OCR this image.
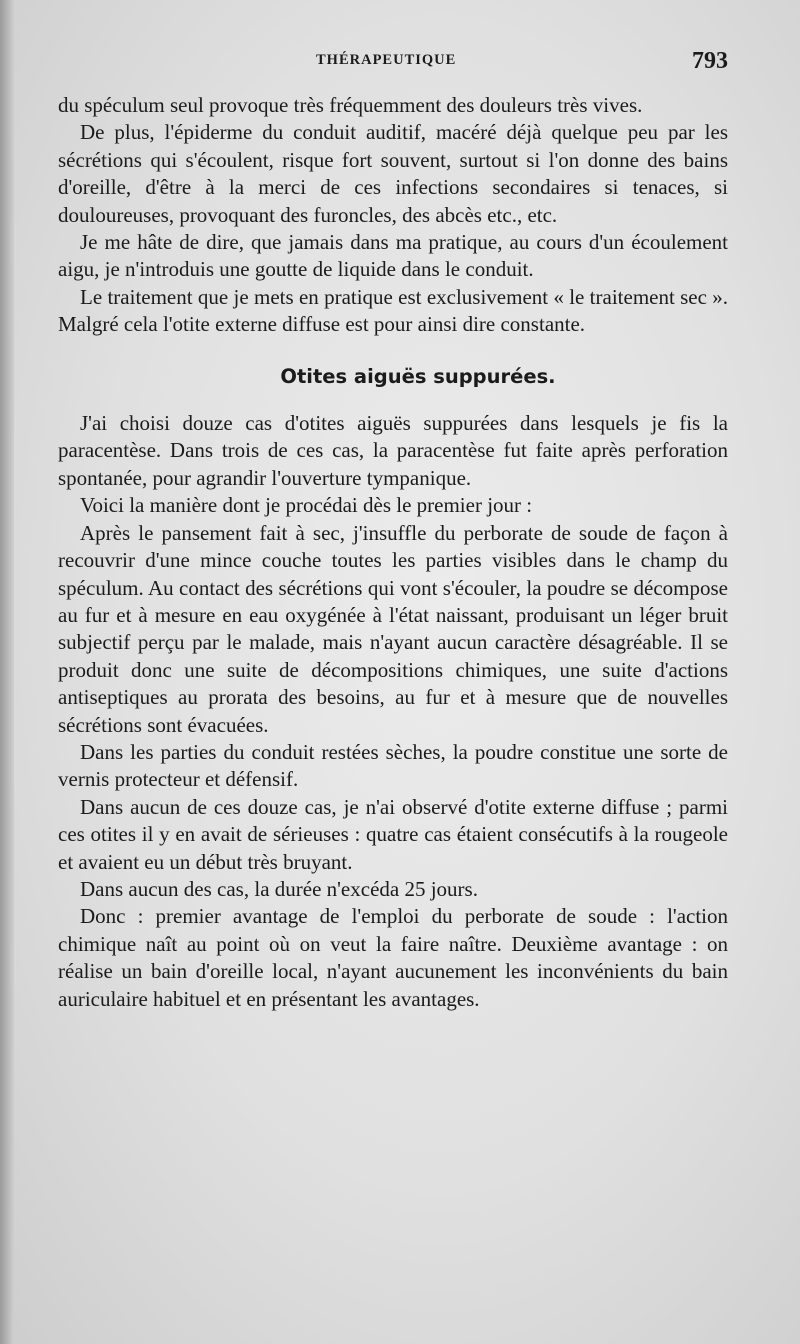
THÉRAPEUTIQUE	793

du spéculum seul provoque très fréquemment des douleurs très vives.

De plus, l'épiderme du conduit auditif, macéré déjà quelque peu par les sécrétions qui s'écoulent, risque fort souvent, surtout si l'on donne des bains d'oreille, d'être à la merci de ces infections secondaires si tenaces, si douloureuses, provoquant des furoncles, des abcès etc., etc.

Je me hâte de dire, que jamais dans ma pratique, au cours d'un écoulement aigu, je n'introduis une goutte de liquide dans le conduit.

Le traitement que je mets en pratique est exclusivement « le traitement sec ». Malgré cela l'otite externe diffuse est pour ainsi dire constante.

Otites aiguës suppurées.

J'ai choisi douze cas d'otites aiguës suppurées dans lesquels je fis la paracentèse. Dans trois de ces cas, la paracentèse fut faite après perforation spontanée, pour agrandir l'ouverture tympanique.

Voici la manière dont je procédai dès le premier jour :

Après le pansement fait à sec, j'insuffle du perborate de soude de façon à recouvrir d'une mince couche toutes les parties visibles dans le champ du spéculum. Au contact des sécrétions qui vont s'écouler, la poudre se décompose au fur et à mesure en eau oxygénée à l'état naissant, produisant un léger bruit subjectif perçu par le malade, mais n'ayant aucun caractère désagréable. Il se produit donc une suite de décompositions chimiques, une suite d'actions antiseptiques au prorata des besoins, au fur et à mesure que de nouvelles sécrétions sont évacuées.

Dans les parties du conduit restées sèches, la poudre constitue une sorte de vernis protecteur et défensif.

Dans aucun de ces douze cas, je n'ai observé d'otite externe diffuse ; parmi ces otites il y en avait de sérieuses : quatre cas étaient consécutifs à la rougeole et avaient eu un début très bruyant.

Dans aucun des cas, la durée n'excéda 25 jours.

Donc : premier avantage de l'emploi du perborate de soude : l'action chimique naît au point où on veut la faire naître. Deuxième avantage : on réalise un bain d'oreille local, n'ayant aucunement les inconvénients du bain auriculaire habituel et en présentant les avantages.
